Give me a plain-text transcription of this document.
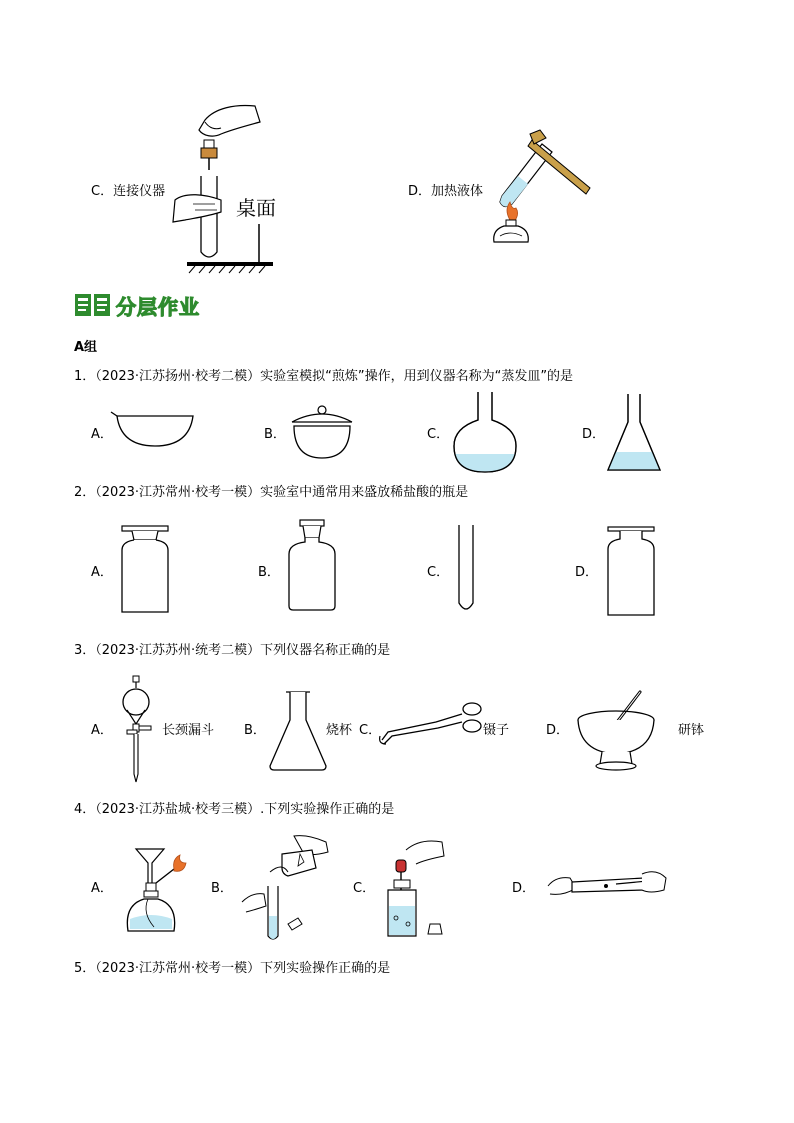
C．连接仪器
桌面
D．加热液体
分层作业
A组
1．（2023·江苏扬州·校考二模）实验室模拟“煎炼”操作，用到仪器名称为“蒸发皿”的是
A．	B．	C．	D．
2．（2023·江苏常州·校考一模）实验室中通常用来盛放稀盐酸的瓶是
A．	B．	C．	D．
3．（2023·江苏苏州·统考二模）下列仪器名称正确的是
A．	长颈漏斗 B．	烧杯 C．	镊子	D．	研钵
4．（2023·江苏盐城·校考三模）.下列实验操作正确的是
A．	B．	C．	D．
5．（2023·江苏常州·校考一模）下列实验操作正确的是
